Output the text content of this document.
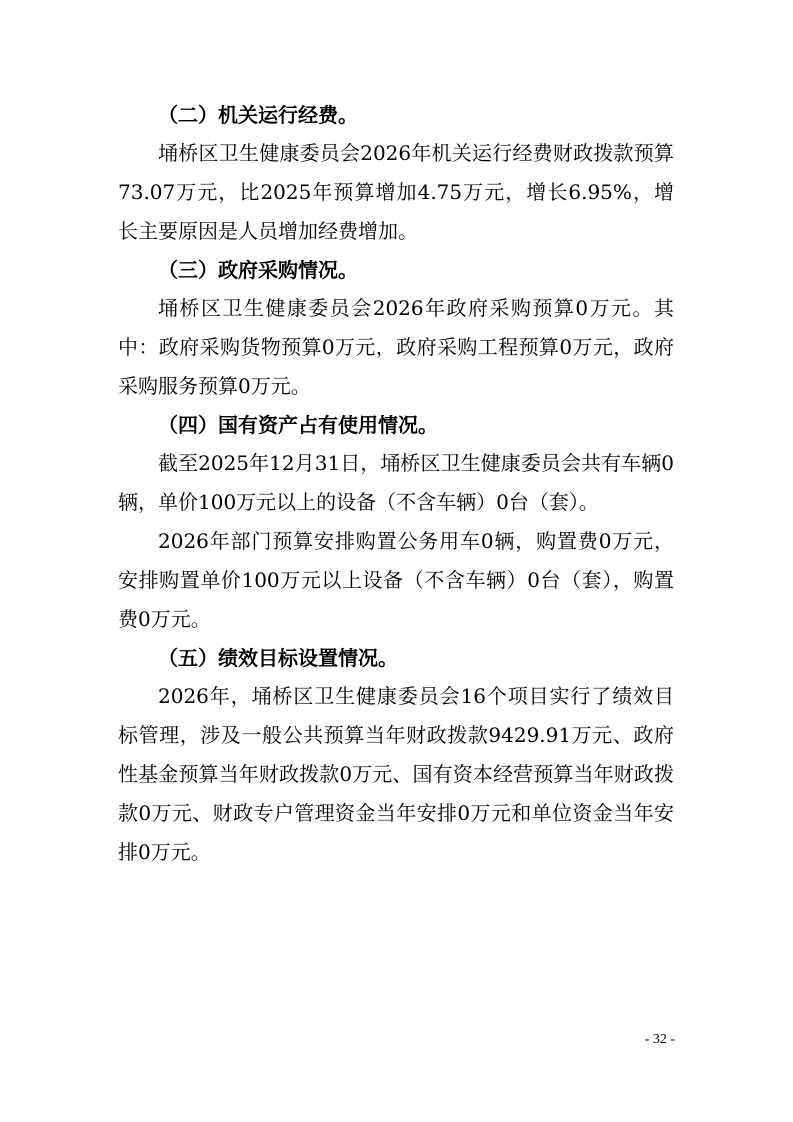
（二）机关运行经费。

埇桥区卫生健康委员会2026年机关运行经费财政拨款预算73.07万元，比2025年预算增加4.75万元，增长6.95%，增长主要原因是人员增加经费增加。

（三）政府采购情况。

埇桥区卫生健康委员会2026年政府采购预算0万元。其中：政府采购货物预算0万元，政府采购工程预算0万元，政府采购服务预算0万元。

（四）国有资产占有使用情况。

截至2025年12月31日，埇桥区卫生健康委员会共有车辆0辆，单价100万元以上的设备（不含车辆）0台（套）。

2026年部门预算安排购置公务用车0辆，购置费0万元，安排购置单价100万元以上设备（不含车辆）0台（套），购置费0万元。

（五）绩效目标设置情况。

2026年，埇桥区卫生健康委员会16个项目实行了绩效目标管理，涉及一般公共预算当年财政拨款9429.91万元、政府性基金预算当年财政拨款0万元、国有资本经营预算当年财政拨款0万元、财政专户管理资金当年安排0万元和单位资金当年安排0万元。

- 32 -
